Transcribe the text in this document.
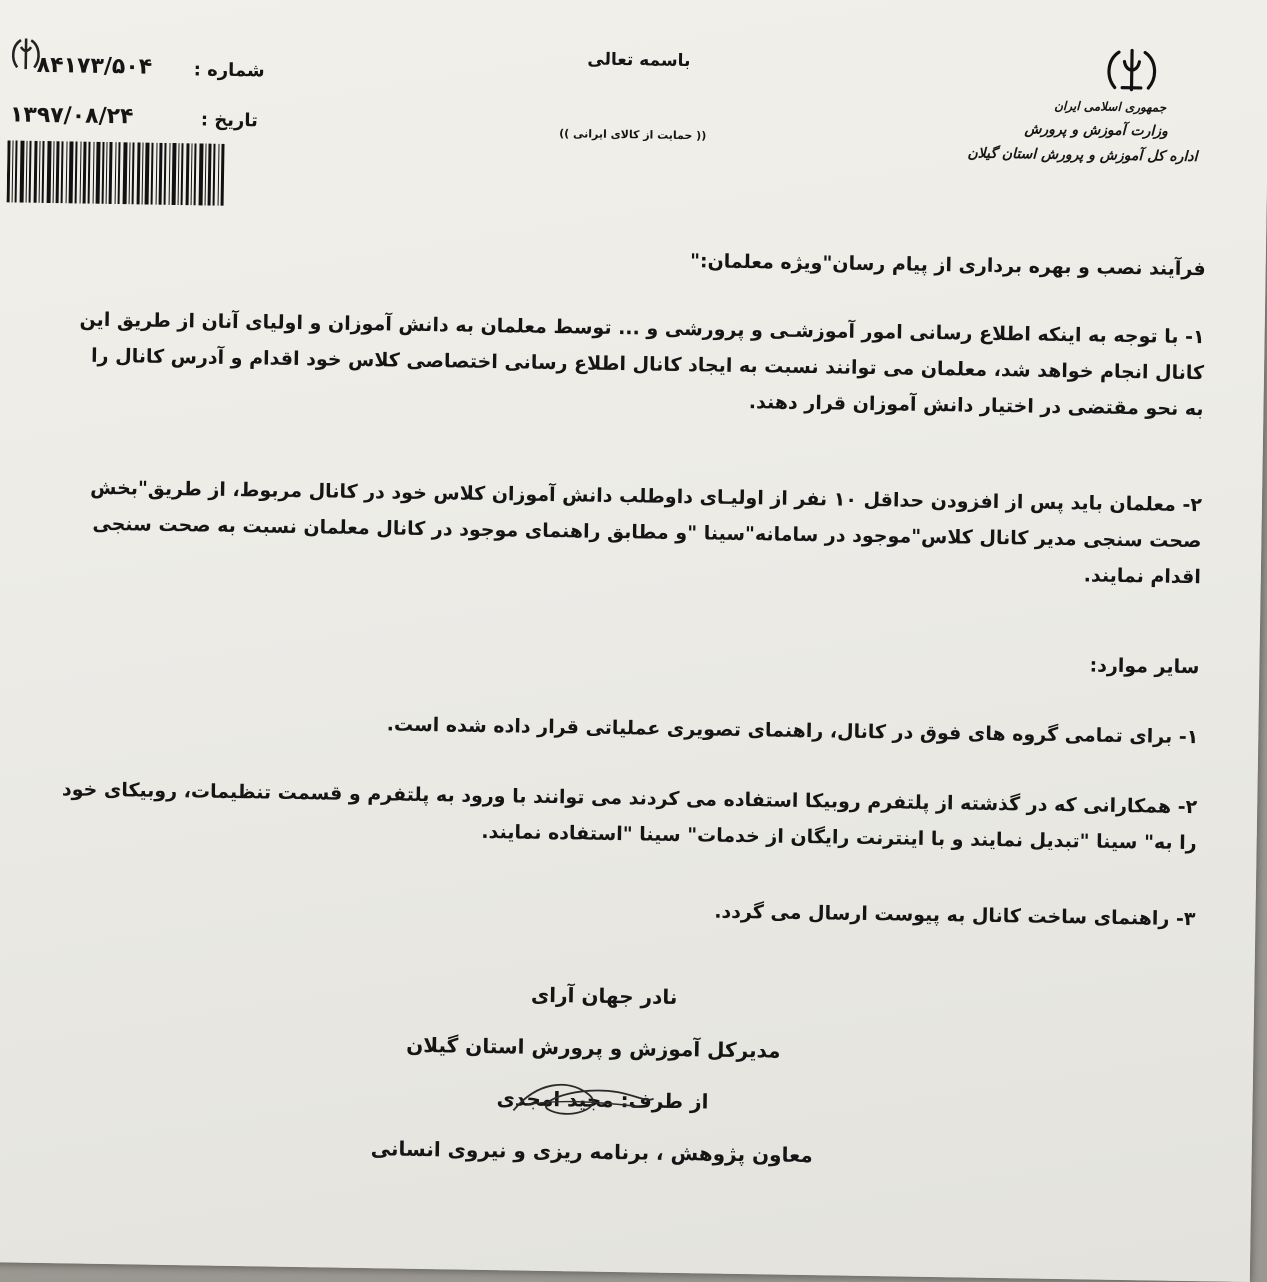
باسمه تعالی
(( حمایت از کالای ایرانی ))
شماره :
۸۴۱۷۳/۵۰۴
تاریخ :
۱۳۹۷/۰۸/۲۴	جمهوری اسلامی ایران
وزارت آموزش و پرورش
اداره کل آموزش و پرورش استان گیلان
فرآیند نصب و بهره برداری از پیام رسان"ویژه معلمان:"
۱- با توجه به اینکه اطلاع رسانی امور آموزشـی و پرورشی و ... توسط معلمان به دانش آموزان و اولیای آنان از طریق این
کانال انجام خواهد شد، معلمان می توانند نسبت به ایجاد کانال اطلاع رسانی اختصاصی کلاس خود اقدام و آدرس کانال را
به نحو مقتضی در اختیار دانش آموزان قرار دهند.
۲- معلمان باید پس از افزودن حداقل ۱۰ نفر از اولیـای داوطلب دانش آموزان کلاس خود در کانال مربوط، از طریق"بخش
صحت سنجی مدیر کانال کلاس"موجود در سامانه"سینا "و مطابق راهنمای موجود در کانال معلمان نسبت به صحت سنجی
اقدام نمایند.
سایر موارد:
۱- برای تمامی گروه های فوق در کانال، راهنمای تصویری عملیاتی قرار داده شده است.
۲- همکارانی که در گذشته از پلتفرم روبیکا استفاده می کردند می توانند با ورود به پلتفرم و قسمت تنظیمات، روبیکای خود
را به" سینا "تبدیل نمایند و با اینترنت رایگان از خدمات" سینا "استفاده نمایند.
۳- راهنمای ساخت کانال به پیوست ارسال می گردد.
نادر جهان آرای
مدیرکل آموزش و پرورش استان گیلان
از طرف: مجید امجدی
معاون پژوهش ، برنامه ریزی و نیروی انسانی
